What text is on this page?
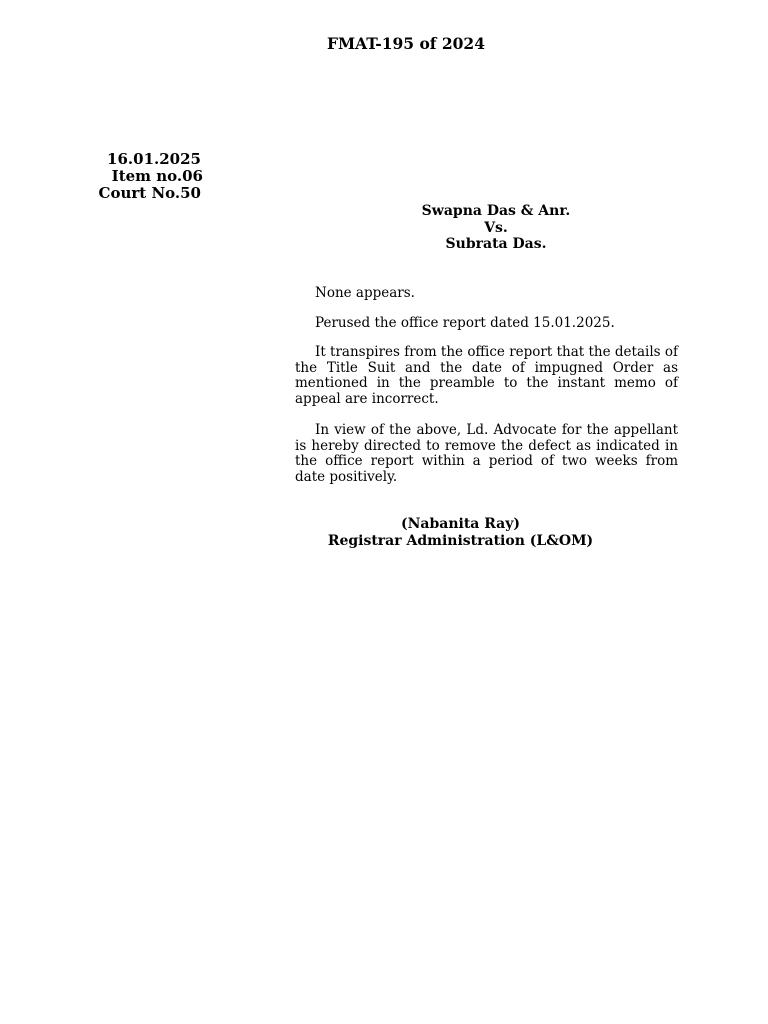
FMAT-195 of 2024
16.01.2025
Item no.06
Court No.50
Swapna Das & Anr.
Vs.
Subrata Das.

None appears.

Perused the office report dated 15.01.2025.

It transpires from the office report that the details of the Title Suit and the date of impugned Order as mentioned in the preamble to the instant memo of appeal are incorrect.

In view of the above, Ld. Advocate for the appellant is hereby directed to remove the defect as indicated in the office report within a period of two weeks from date positively.

(Nabanita Ray)
Registrar Administration (L&OM)
